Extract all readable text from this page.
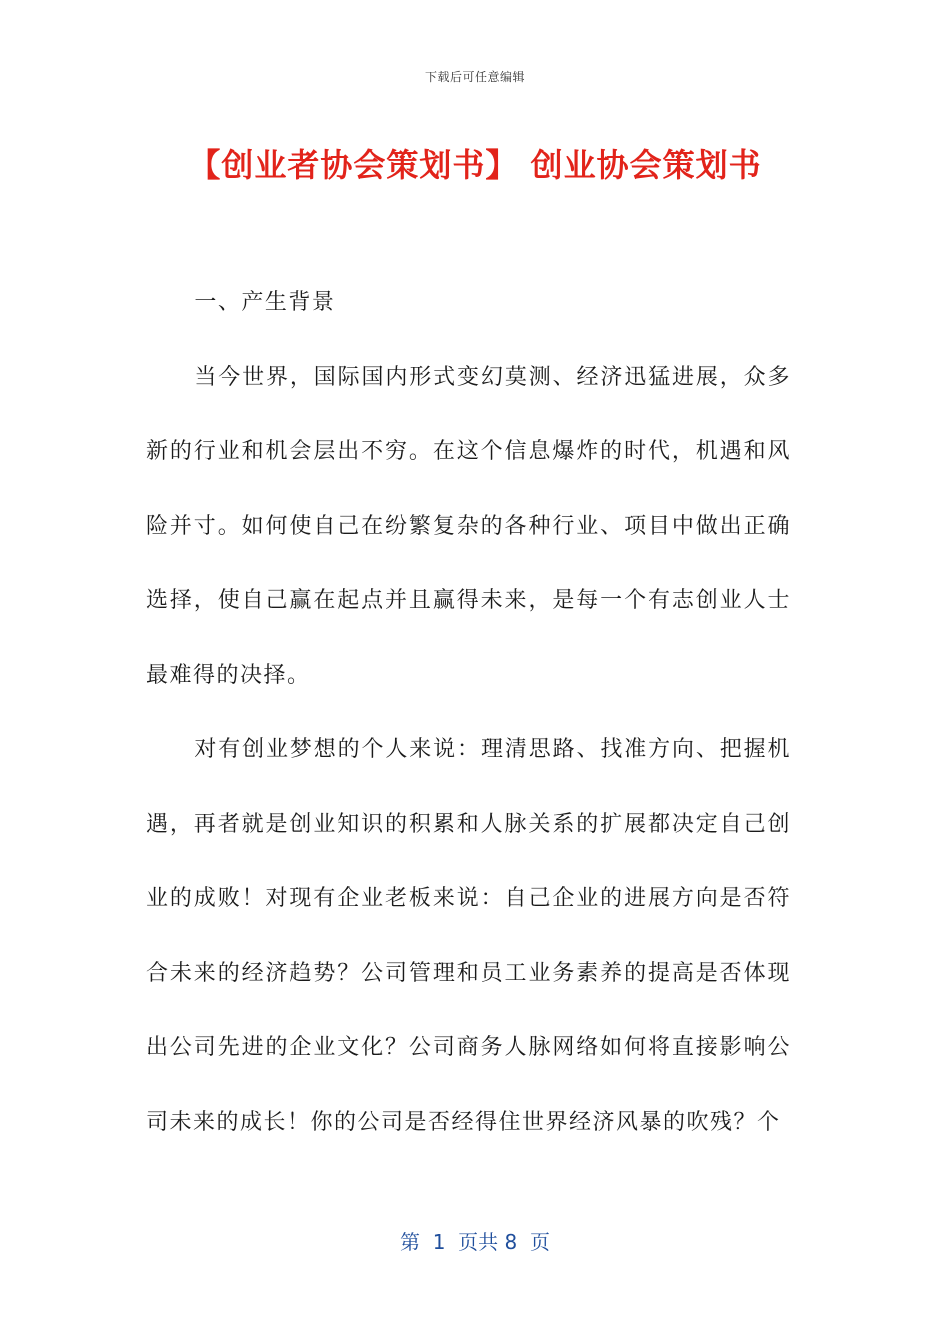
下载后可任意编辑
【创业者协会策划书】 创业协会策划书

一、产生背景

当今世界，国际国内形式变幻莫测、经济迅猛进展，众多新的行业和机会层出不穷。在这个信息爆炸的时代，机遇和风险并寸。如何使自己在纷繁复杂的各种行业、项目中做出正确选择，使自己赢在起点并且赢得未来，是每一个有志创业人士最难得的决择。

对有创业梦想的个人来说：理清思路、找准方向、把握机遇，再者就是创业知识的积累和人脉关系的扩展都决定自己创业的成败！对现有企业老板来说：自己企业的进展方向是否符合未来的经济趋势？公司管理和员工业务素养的提高是否体现出公司先进的企业文化？公司商务人脉网络如何将直接影响公司未来的成长！你的公司是否经得住世界经济风暴的吹残？个

第  1  页共 8  页
